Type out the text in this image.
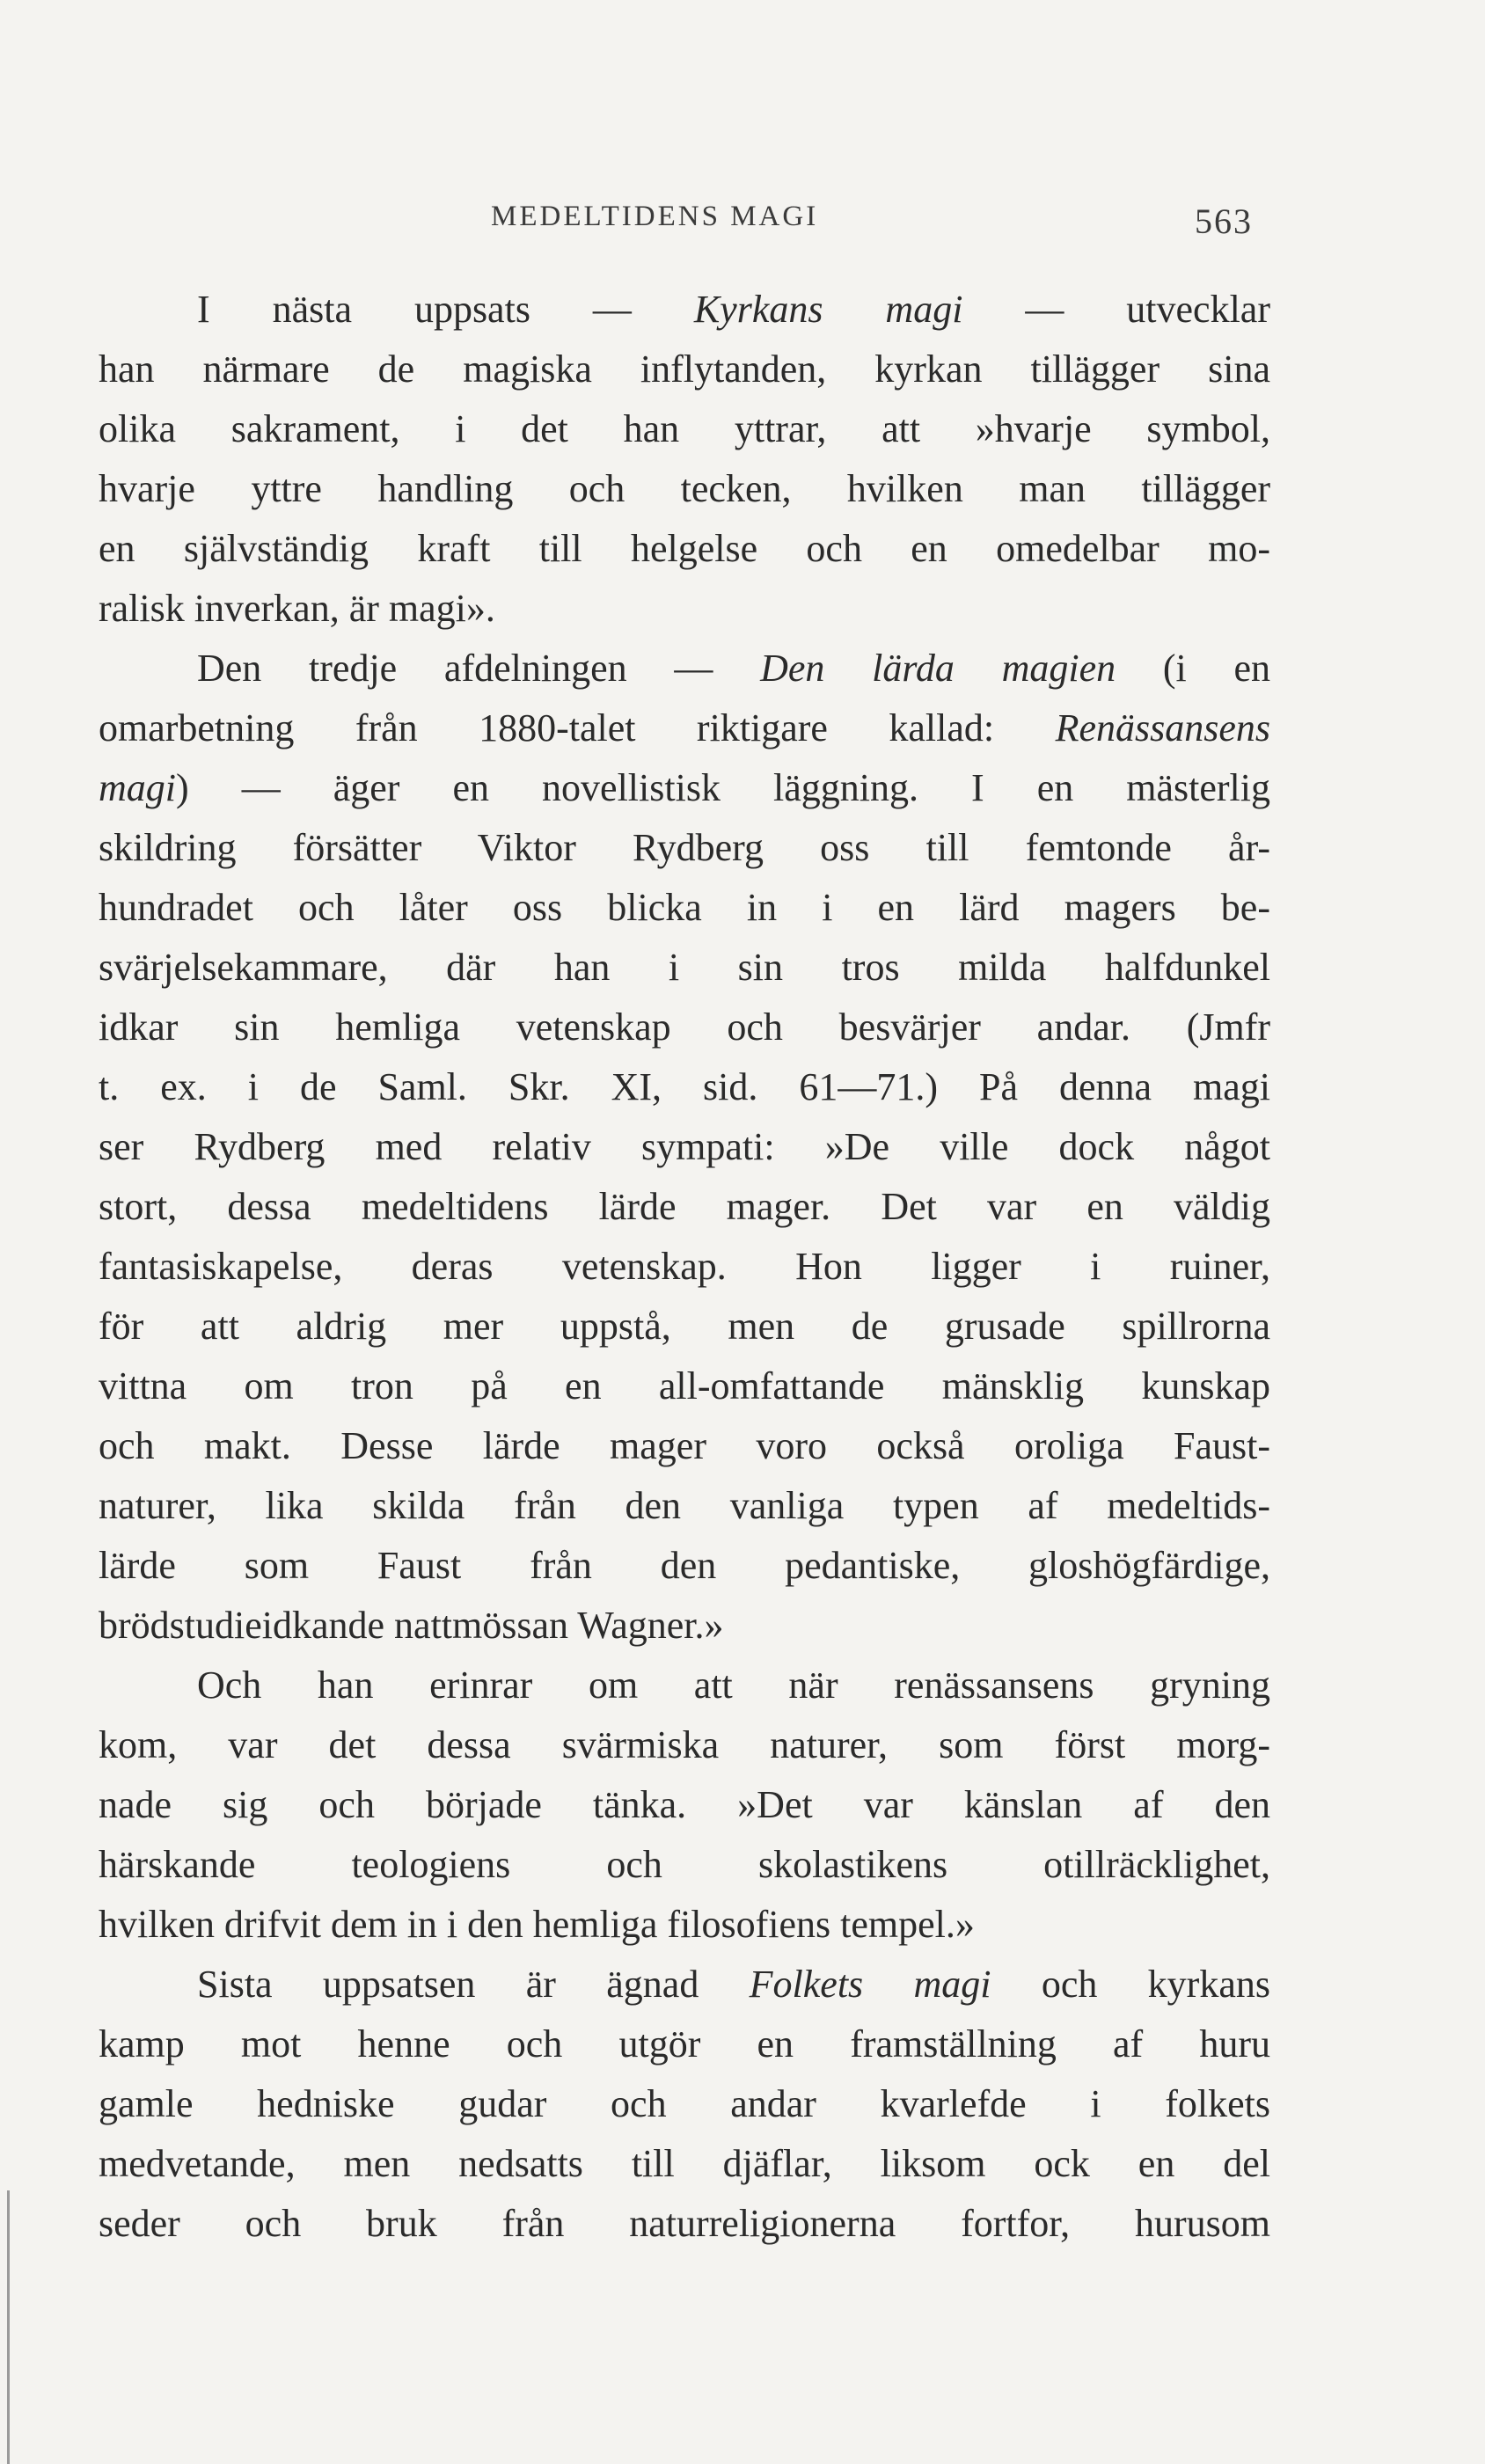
MEDELTIDENS MAGI	563
I nästa uppsats — Kyrkans magi — utvecklar
han närmare de magiska inflytanden, kyrkan tillägger sina
olika sakrament, i det han yttrar, att »hvarje symbol,
hvarje yttre handling och tecken, hvilken man tillägger
en självständig kraft till helgelse och en omedelbar mo-
ralisk inverkan, är magi».
Den tredje afdelningen — Den lärda magien (i en
omarbetning från 1880-talet riktigare kallad: Renässansens
magi) — äger en novellistisk läggning. I en mästerlig
skildring försätter Viktor Rydberg oss till femtonde år-
hundradet och låter oss blicka in i en lärd magers be-
svärjelsekammare, där han i sin tros milda halfdunkel
idkar sin hemliga vetenskap och besvärjer andar. (Jmfr
t. ex. i de Saml. Skr. XI, sid. 61—71.) På denna magi
ser Rydberg med relativ sympati: »De ville dock något
stort, dessa medeltidens lärde mager. Det var en väldig
fantasiskapelse, deras vetenskap. Hon ligger i ruiner,
för att aldrig mer uppstå, men de grusade spillrorna
vittna om tron på en all-omfattande mänsklig kunskap
och makt. Desse lärde mager voro också oroliga Faust-
naturer, lika skilda från den vanliga typen af medeltids-
lärde som Faust från den pedantiske, gloshögfärdige,
brödstudieidkande nattmössan Wagner.»
Och han erinrar om att när renässansens gryning
kom, var det dessa svärmiska naturer, som först morg-
nade sig och började tänka. »Det var känslan af den
härskande teologiens och skolastikens otillräcklighet,
hvilken drifvit dem in i den hemliga filosofiens tempel.»
Sista uppsatsen är ägnad Folkets magi och kyrkans
kamp mot henne och utgör en framställning af huru
gamle hedniske gudar och andar kvarlefde i folkets
medvetande, men nedsatts till djäflar, liksom ock en del
seder och bruk från naturreligionerna fortfor, hurusom
